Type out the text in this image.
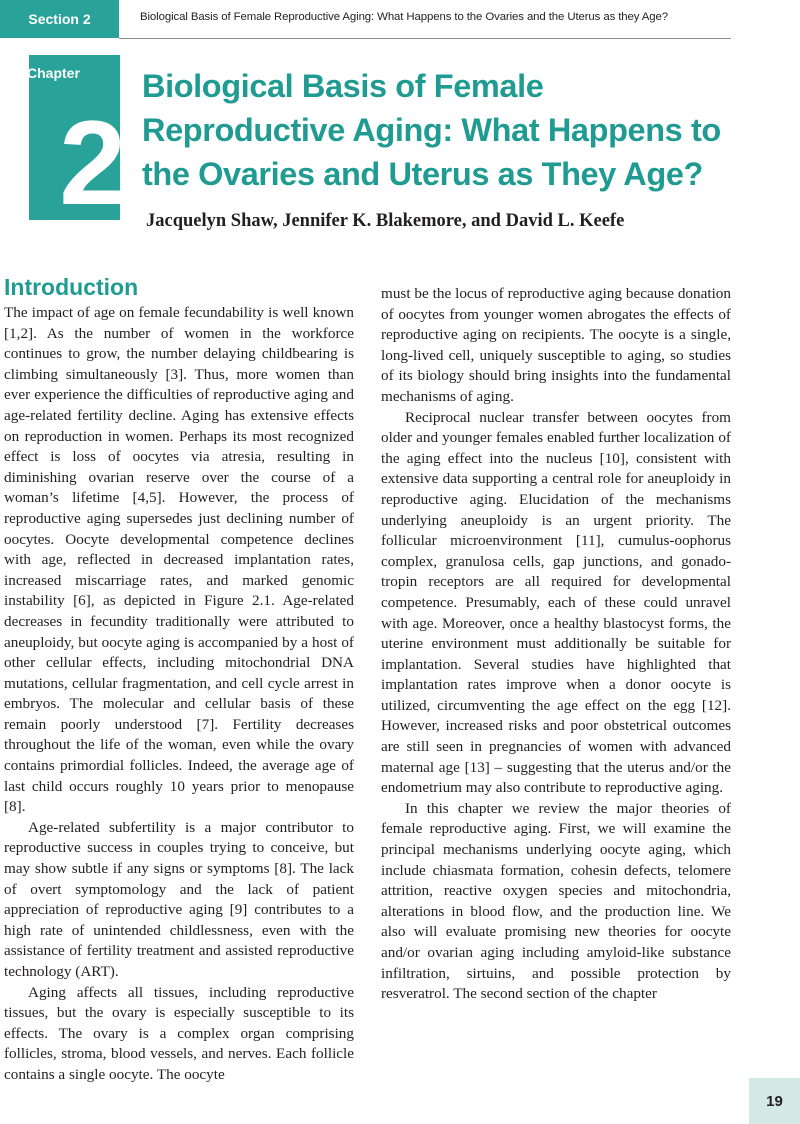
Section 2	Biological Basis of Female Reproductive Aging: What Happens to the Ovaries and the Uterus as they Age?
Chapter
2
Biological Basis of Female Reproductive Aging: What Happens to the Ovaries and Uterus as They Age?

Jacquelyn Shaw, Jennifer K. Blakemore, and David L. Keefe

Introduction

The impact of age on female fecundability is well known [1,2]. As the number of women in the workforce continues to grow, the number delaying childbearing is climbing simultaneously [3]. Thus, more women than ever experience the difficulties of reproductive aging and age-related fertility decline. Aging has extensive effects on reproduction in women. Perhaps its most recognized effect is loss of oocytes via atresia, resulting in diminishing ovarian reserve over the course of a woman’s lifetime [4,5]. However, the process of reproductive aging supersedes just declining number of oocytes. Oocyte developmental competence declines with age, reflected in decreased implantation rates, increased miscarriage rates, and marked genomic instability [6], as depicted in Figure 2.1. Age-related decreases in fecundity traditionally were attributed to aneuploidy, but oocyte aging is accompanied by a host of other cellular effects, including mitochondrial DNA mutations, cellular fragmentation, and cell cycle arrest in embryos. The molecular and cellular basis of these remain poorly understood [7]. Fertility decreases throughout the life of the woman, even while the ovary contains primordial follicles. Indeed, the average age of last child occurs roughly 10 years prior to menopause [8].

Age-related subfertility is a major contributor to reproductive success in couples trying to conceive, but may show subtle if any signs or symptoms [8]. The lack of overt symptomology and the lack of patient appreciation of reproductive aging [9] contributes to a high rate of unintended childlessness, even with the assistance of fertility treatment and assisted reproductive technology (ART).

Aging affects all tissues, including reproductive tissues, but the ovary is especially susceptible to its effects. The ovary is a complex organ comprising follicles, stroma, blood vessels, and nerves. Each follicle contains a single oocyte. The oocyte

must be the locus of reproductive aging because donation of oocytes from younger women abrogates the effects of reproductive aging on recipients. The oocyte is a single, long-lived cell, uniquely susceptible to aging, so studies of its biology should bring insights into the fundamental mechanisms of aging.

Reciprocal nuclear transfer between oocytes from older and younger females enabled further localization of the aging effect into the nucleus [10], consistent with extensive data supporting a central role for aneuploidy in reproductive aging. Elucidation of the mechanisms underlying aneuploidy is an urgent priority. The follicular microenvironment [11], cumulus-oophorus complex, granulosa cells, gap junctions, and gonadotropin receptors are all required for developmental competence. Presumably, each of these could unravel with age. Moreover, once a healthy blastocyst forms, the uterine environment must additionally be suitable for implantation. Several studies have highlighted that implantation rates improve when a donor oocyte is utilized, circumventing the age effect on the egg [12]. However, increased risks and poor obstetrical outcomes are still seen in pregnancies of women with advanced maternal age [13] – suggesting that the uterus and/or the endometrium may also contribute to reproductive aging.

In this chapter we review the major theories of female reproductive aging. First, we will examine the principal mechanisms underlying oocyte aging, which include chiasmata formation, cohesin defects, telomere attrition, reactive oxygen species and mitochondria, alterations in blood flow, and the production line. We also will evaluate promising new theories for oocyte and/or ovarian aging including amyloid-like substance infiltration, sirtuins, and possible protection by resveratrol. The second section of the chapter

19
